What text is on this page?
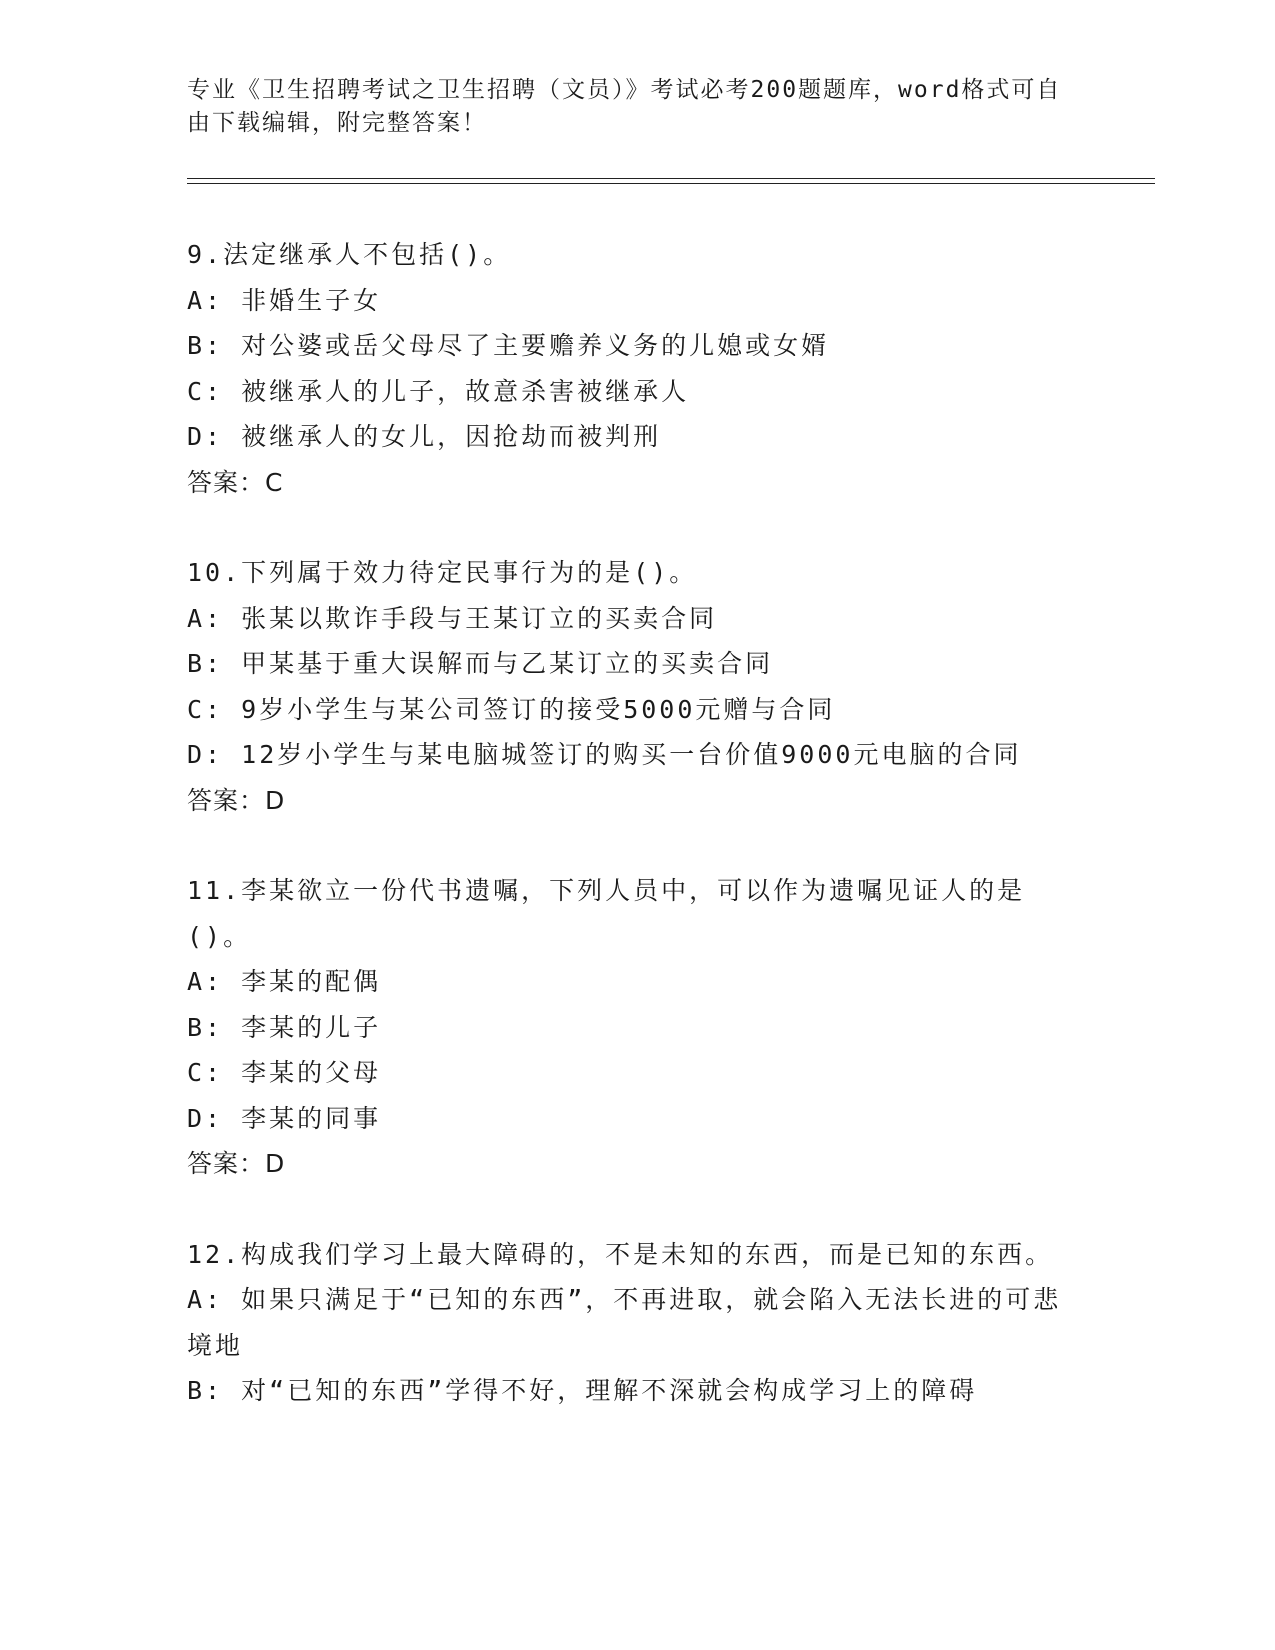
专业《卫生招聘考试之卫生招聘（文员）》考试必考200题题库，word格式可自由下载编辑，附完整答案！
9.法定继承人不包括()。
A: 非婚生子女
B: 对公婆或岳父母尽了主要赡养义务的儿媳或女婿
C: 被继承人的儿子，故意杀害被继承人
D: 被继承人的女儿，因抢劫而被判刑
答案：C
10.下列属于效力待定民事行为的是()。
A: 张某以欺诈手段与王某订立的买卖合同
B: 甲某基于重大误解而与乙某订立的买卖合同
C: 9岁小学生与某公司签订的接受5000元赠与合同
D: 12岁小学生与某电脑城签订的购买一台价值9000元电脑的合同
答案：D
11.李某欲立一份代书遗嘱，下列人员中，可以作为遗嘱见证人的是()。
A: 李某的配偶
B: 李某的儿子
C: 李某的父母
D: 李某的同事
答案：D
12.构成我们学习上最大障碍的，不是未知的东西，而是已知的东西。
A: 如果只满足于“已知的东西”，不再进取，就会陷入无法长进的可悲境地
B: 对“已知的东西”学得不好，理解不深就会构成学习上的障碍
